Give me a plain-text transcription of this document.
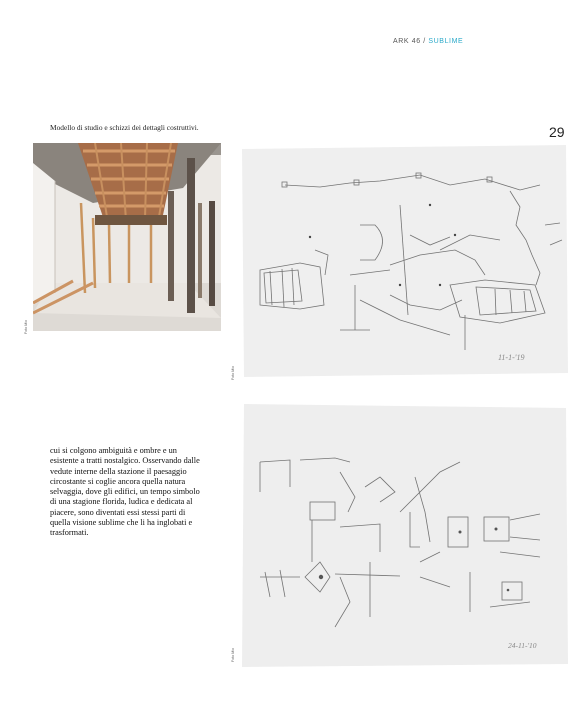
ARK 46 / SUBLIME
29
Modello di studio e schizzi dei dettagli costruttivi.
Foto Mio
11-1-'19
Foto Mio
24-11-'10
Foto Mio

cui si colgono ambiguità e ombre e un esistente a tratti nostalgico. Osservando dalle vedute interne della stazione il paesaggio circostante si coglie ancora quella natura selvaggia, dove gli edifici, un tempo simbolo di una stagione florida, ludica e dedicata al piacere, sono diventati essi stessi parti di quella visione sublime che li ha inglobati e trasformati.
